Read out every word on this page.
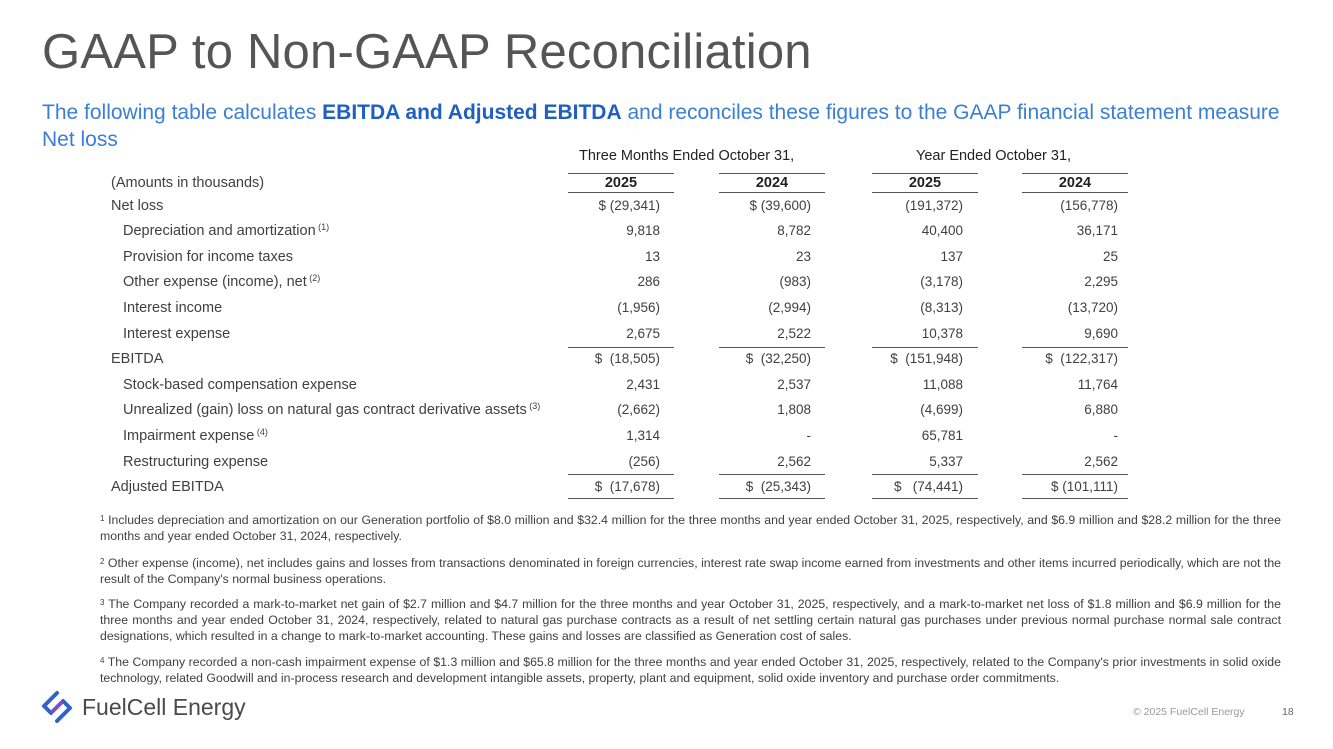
GAAP to Non-GAAP Reconciliation
The following table calculates EBITDA and Adjusted EBITDA and reconciles these figures to the GAAP financial statement measure Net loss
Three Months Ended October 31,	Year Ended October 31,
(Amounts in thousands)	2025	2024	2025	2024
Net loss	$ (29,341)	$ (39,600)	(191,372)	(156,778)
Depreciation and amortization $^{(1)}$	9,818	8,782	40,400	36,171
Provision for income taxes	13	23	137	25
Other expense (income), net $^{(2)}$	286	(983)	(3,178)	2,295
Interest income	(1,956)	(2,994)	(8,313)	(13,720)
Interest expense	2,675	2,522	10,378	9,690
EBITDA	$  (18,505)	$  (32,250)	$  (151,948)	$  (122,317)
Stock-based compensation expense	2,431	2,537	11,088	11,764
Unrealized (gain) loss on natural gas contract derivative assets $^{(3)}$	(2,662)	1,808	(4,699)	6,880
Impairment expense $^{(4)}$	1,314	-	65,781	-
Restructuring expense	(256)	2,562	5,337	2,562
Adjusted EBITDA	$  (17,678)	$  (25,343)	$   (74,441)	$ (101,111)
$^1$ Includes depreciation and amortization on our Generation portfolio of $8.0 million and $32.4 million for the three months and year ended October 31, 2025, respectively, and $6.9 million and $28.2 million for the three months and year ended October 31, 2024, respectively.
$^2$ Other expense (income), net includes gains and losses from transactions denominated in foreign currencies, interest rate swap income earned from investments and other items incurred periodically, which are not the result of the Company's normal business operations.
$^3$ The Company recorded a mark-to-market net gain of $2.7 million and $4.7 million for the three months and year October 31, 2025, respectively, and a mark-to-market net loss of $1.8 million and $6.9 million for the three months and year ended October 31, 2024, respectively, related to natural gas purchase contracts as a result of net settling certain natural gas purchases under previous normal purchase normal sale contract designations, which resulted in a change to mark-to-market accounting. These gains and losses are classified as Generation cost of sales.
$^4$ The Company recorded a non-cash impairment expense of $1.3 million and $65.8 million for the three months and year ended October 31, 2025, respectively, related to the Company's prior investments in solid oxide technology, related Goodwill and in-process research and development intangible assets, property, plant and equipment, solid oxide inventory and purchase order commitments.
FuelCell Energy	© 2025 FuelCell Energy	18
